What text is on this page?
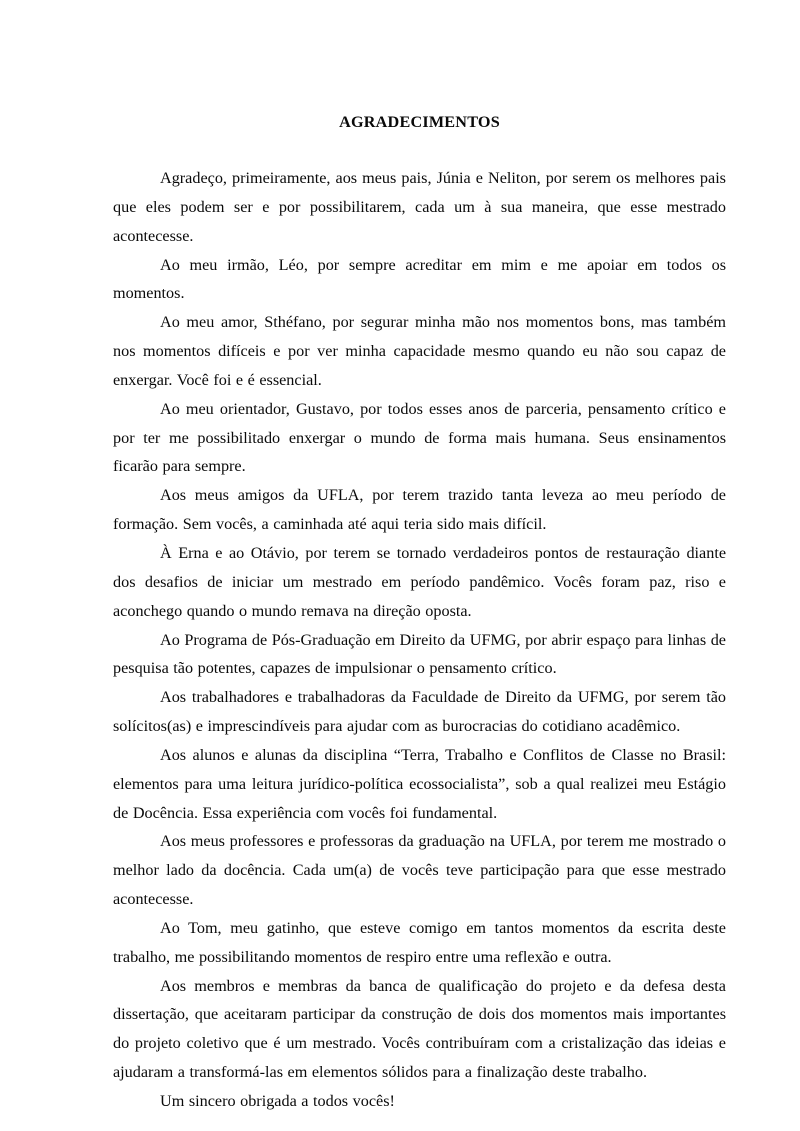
AGRADECIMENTOS

Agradeço, primeiramente, aos meus pais, Júnia e Neliton, por serem os melhores pais que eles podem ser e por possibilitarem, cada um à sua maneira, que esse mestrado acontecesse.

Ao meu irmão, Léo, por sempre acreditar em mim e me apoiar em todos os momentos.

Ao meu amor, Sthéfano, por segurar minha mão nos momentos bons, mas também nos momentos difíceis e por ver minha capacidade mesmo quando eu não sou capaz de enxergar. Você foi e é essencial.

Ao meu orientador, Gustavo, por todos esses anos de parceria, pensamento crítico e por ter me possibilitado enxergar o mundo de forma mais humana. Seus ensinamentos ficarão para sempre.

Aos meus amigos da UFLA, por terem trazido tanta leveza ao meu período de formação. Sem vocês, a caminhada até aqui teria sido mais difícil.

À Erna e ao Otávio, por terem se tornado verdadeiros pontos de restauração diante dos desafios de iniciar um mestrado em período pandêmico. Vocês foram paz, riso e aconchego quando o mundo remava na direção oposta.

Ao Programa de Pós-Graduação em Direito da UFMG, por abrir espaço para linhas de pesquisa tão potentes, capazes de impulsionar o pensamento crítico.

Aos trabalhadores e trabalhadoras da Faculdade de Direito da UFMG, por serem tão solícitos(as) e imprescindíveis para ajudar com as burocracias do cotidiano acadêmico.

Aos alunos e alunas da disciplina “Terra, Trabalho e Conflitos de Classe no Brasil: elementos para uma leitura jurídico-política ecossocialista”, sob a qual realizei meu Estágio de Docência. Essa experiência com vocês foi fundamental.

Aos meus professores e professoras da graduação na UFLA, por terem me mostrado o melhor lado da docência. Cada um(a) de vocês teve participação para que esse mestrado acontecesse.

Ao Tom, meu gatinho, que esteve comigo em tantos momentos da escrita deste trabalho, me possibilitando momentos de respiro entre uma reflexão e outra.

Aos membros e membras da banca de qualificação do projeto e da defesa desta dissertação, que aceitaram participar da construção de dois dos momentos mais importantes do projeto coletivo que é um mestrado. Vocês contribuíram com a cristalização das ideias e ajudaram a transformá-las em elementos sólidos para a finalização deste trabalho.

Um sincero obrigada a todos vocês!
